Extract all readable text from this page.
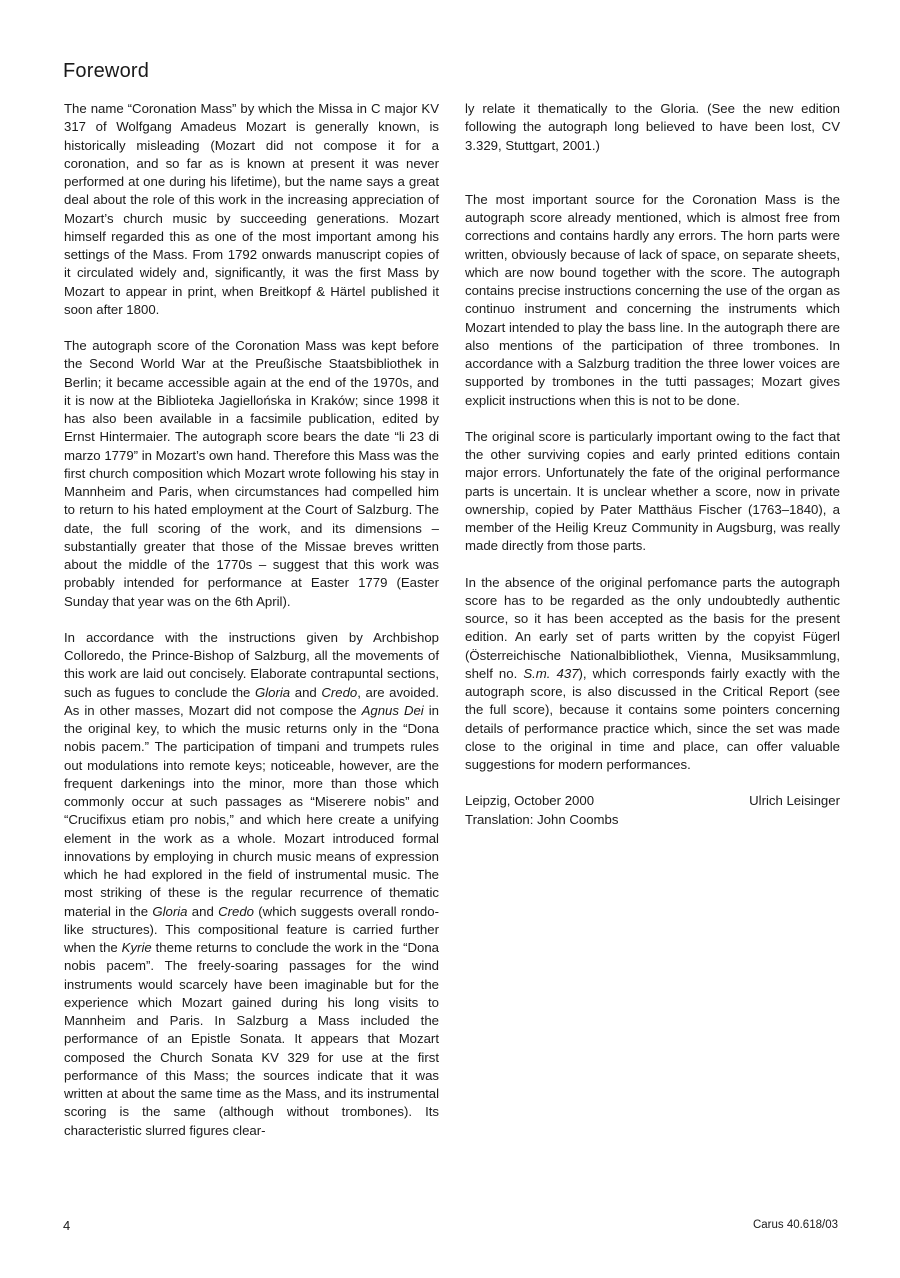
Foreword

The name “Coronation Mass” by which the Missa in C major KV 317 of Wolfgang Amadeus Mozart is generally known, is historically misleading (Mozart did not compose it for a coronation, and so far as is known at present it was never performed at one during his lifetime), but the name says a great deal about the role of this work in the increasing appreciation of Mozart’s church music by succeeding generations. Mozart himself regarded this as one of the most important among his settings of the Mass. From 1792 onwards manuscript copies of it circulated widely and, significantly, it was the first Mass by Mozart to appear in print, when Breitkopf & Härtel published it soon after 1800.

The autograph score of the Coronation Mass was kept before the Second World War at the Preußische Staatsbibliothek in Berlin; it became accessible again at the end of the 1970s, and it is now at the Biblioteka Jagiellońska in Kraków; since 1998 it has also been available in a facsimile publication, edited by Ernst Hintermaier. The autograph score bears the date “li 23 di marzo 1779” in Mozart’s own hand. Therefore this Mass was the first church composition which Mozart wrote following his stay in Mannheim and Paris, when circumstances had compelled him to return to his hated employment at the Court of Salzburg. The date, the full scoring of the work, and its dimensions – substantially greater that those of the Missae breves written about the middle of the 1770s – suggest that this work was probably intended for performance at Easter 1779 (Easter Sunday that year was on the 6th April).

In accordance with the instructions given by Archbishop Colloredo, the Prince-Bishop of Salzburg, all the movements of this work are laid out concisely. Elaborate contrapuntal sections, such as fugues to conclude the Gloria and Credo, are avoided. As in other masses, Mozart did not compose the Agnus Dei in the original key, to which the music returns only in the “Dona nobis pacem.” The participation of timpani and trumpets rules out modulations into remote keys; noticeable, however, are the frequent darkenings into the minor, more than those which commonly occur at such passages as “Miserere nobis” and “Crucifixus etiam pro nobis,” and which here create a unifying element in the work as a whole. Mozart introduced formal innovations by employing in church music means of expression which he had explored in the field of instrumental music. The most striking of these is the regular recurrence of thematic material in the Gloria and Credo (which suggests overall rondo-like structures). This compositional feature is carried further when the Kyrie theme returns to conclude the work in the “Dona nobis pacem”. The freely-soaring passages for the wind instruments would scarcely have been imaginable but for the experience which Mozart gained during his long visits to Mannheim and Paris. In Salzburg a Mass included the performance of an Epistle Sonata. It appears that Mozart composed the Church Sonata KV 329 for use at the first performance of this Mass; the sources indicate that it was written at about the same time as the Mass, and its instrumental scoring is the same (although without trombones). Its characteristic slurred figures clear-

ly relate it thematically to the Gloria. (See the new edition following the autograph long believed to have been lost, CV 3.329, Stuttgart, 2001.)

The most important source for the Coronation Mass is the autograph score already mentioned, which is almost free from corrections and contains hardly any errors. The horn parts were written, obviously because of lack of space, on separate sheets, which are now bound together with the score. The autograph contains precise instructions concerning the use of the organ as continuo instrument and concerning the instruments which Mozart intended to play the bass line. In the autograph there are also mentions of the participation of three trombones. In accordance with a Salzburg tradition the three lower voices are supported by trombones in the tutti passages; Mozart gives explicit instructions when this is not to be done.

The original score is particularly important owing to the fact that the other surviving copies and early printed editions contain major errors. Unfortunately the fate of the original performance parts is uncertain. It is unclear whether a score, now in private ownership, copied by Pater Matthäus Fischer (1763–1840), a member of the Heilig Kreuz Community in Augsburg, was really made directly from those parts.

In the absence of the original perfomance parts the autograph score has to be regarded as the only undoubtedly authentic source, so it has been accepted as the basis for the present edition. An early set of parts written by the copyist Fügerl (Österreichische Nationalbibliothek, Vienna, Musiksammlung, shelf no. S.m. 437), which corresponds fairly exactly with the autograph score, is also discussed in the Critical Report (see the full score), because it contains some pointers concerning details of performance practice which, since the set was made close to the original in time and place, can offer valuable suggestions for modern performances.

Leipzig, October 2000	Ulrich Leisinger
Translation: John Coombs
4	Carus 40.618/03
